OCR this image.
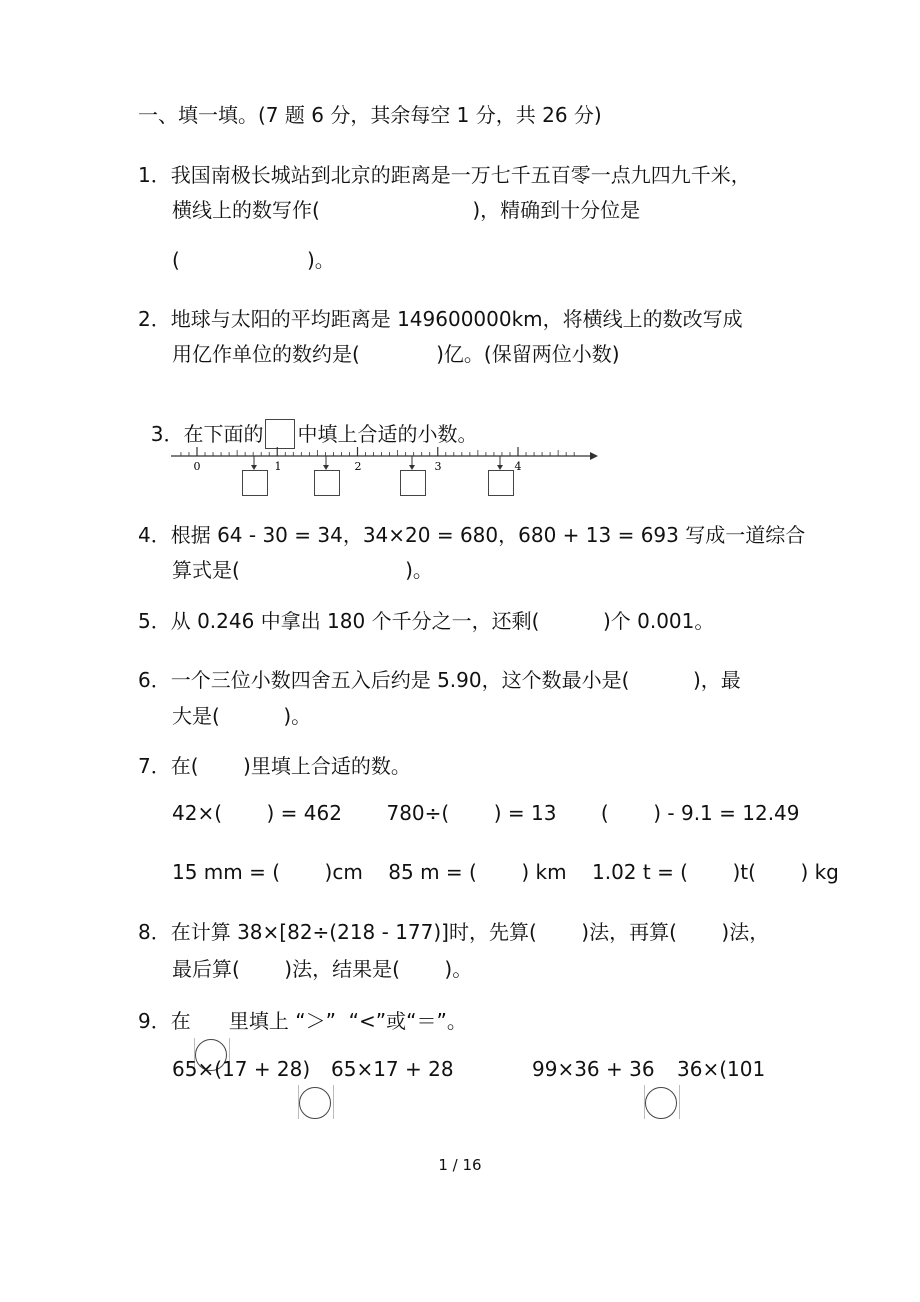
一、填一填。(7 题 6 分，其余每空 1 分，共 26 分)
1．我国南极长城站到北京的距离是一万七千五百零一点九四九千米，
横线上的数写作(                        )，精确到十分位是
(                    )。
2．地球与太阳的平均距离是 149600000km，将横线上的数改写成
用亿作单位的数约是(            )亿。(保留两位小数)

3．在下面的 中填上合适的小数。

0	1	2	3	4
4．根据 64 - 30 = 34，34×20 = 680，680 + 13 = 693 写成一道综合
算式是(                          )。
5．从 0.246 中拿出 180 个千分之一，还剩(          )个 0.001。
6．一个三位小数四舍五入后约是 5.90，这个数最小是(          )，最
大是(          )。
7．在(       )里填上合适的数。
42×(       ) = 462       780÷(       ) = 13       (       ) - 9.1 = 12.49
15 mm = (       )cm    85 m = (       ) km    1.02 t = (       )t(       ) kg
8．在计算 38×[82÷(218 - 177)]时，先算(       )法，再算(       )法，
最后算(       )法，结果是(       )。
9．在      里填上 “＞”  “<”或“＝”。
65×(17 + 28) 65×17 + 28	99×36 + 36 36×(101
1 / 16
